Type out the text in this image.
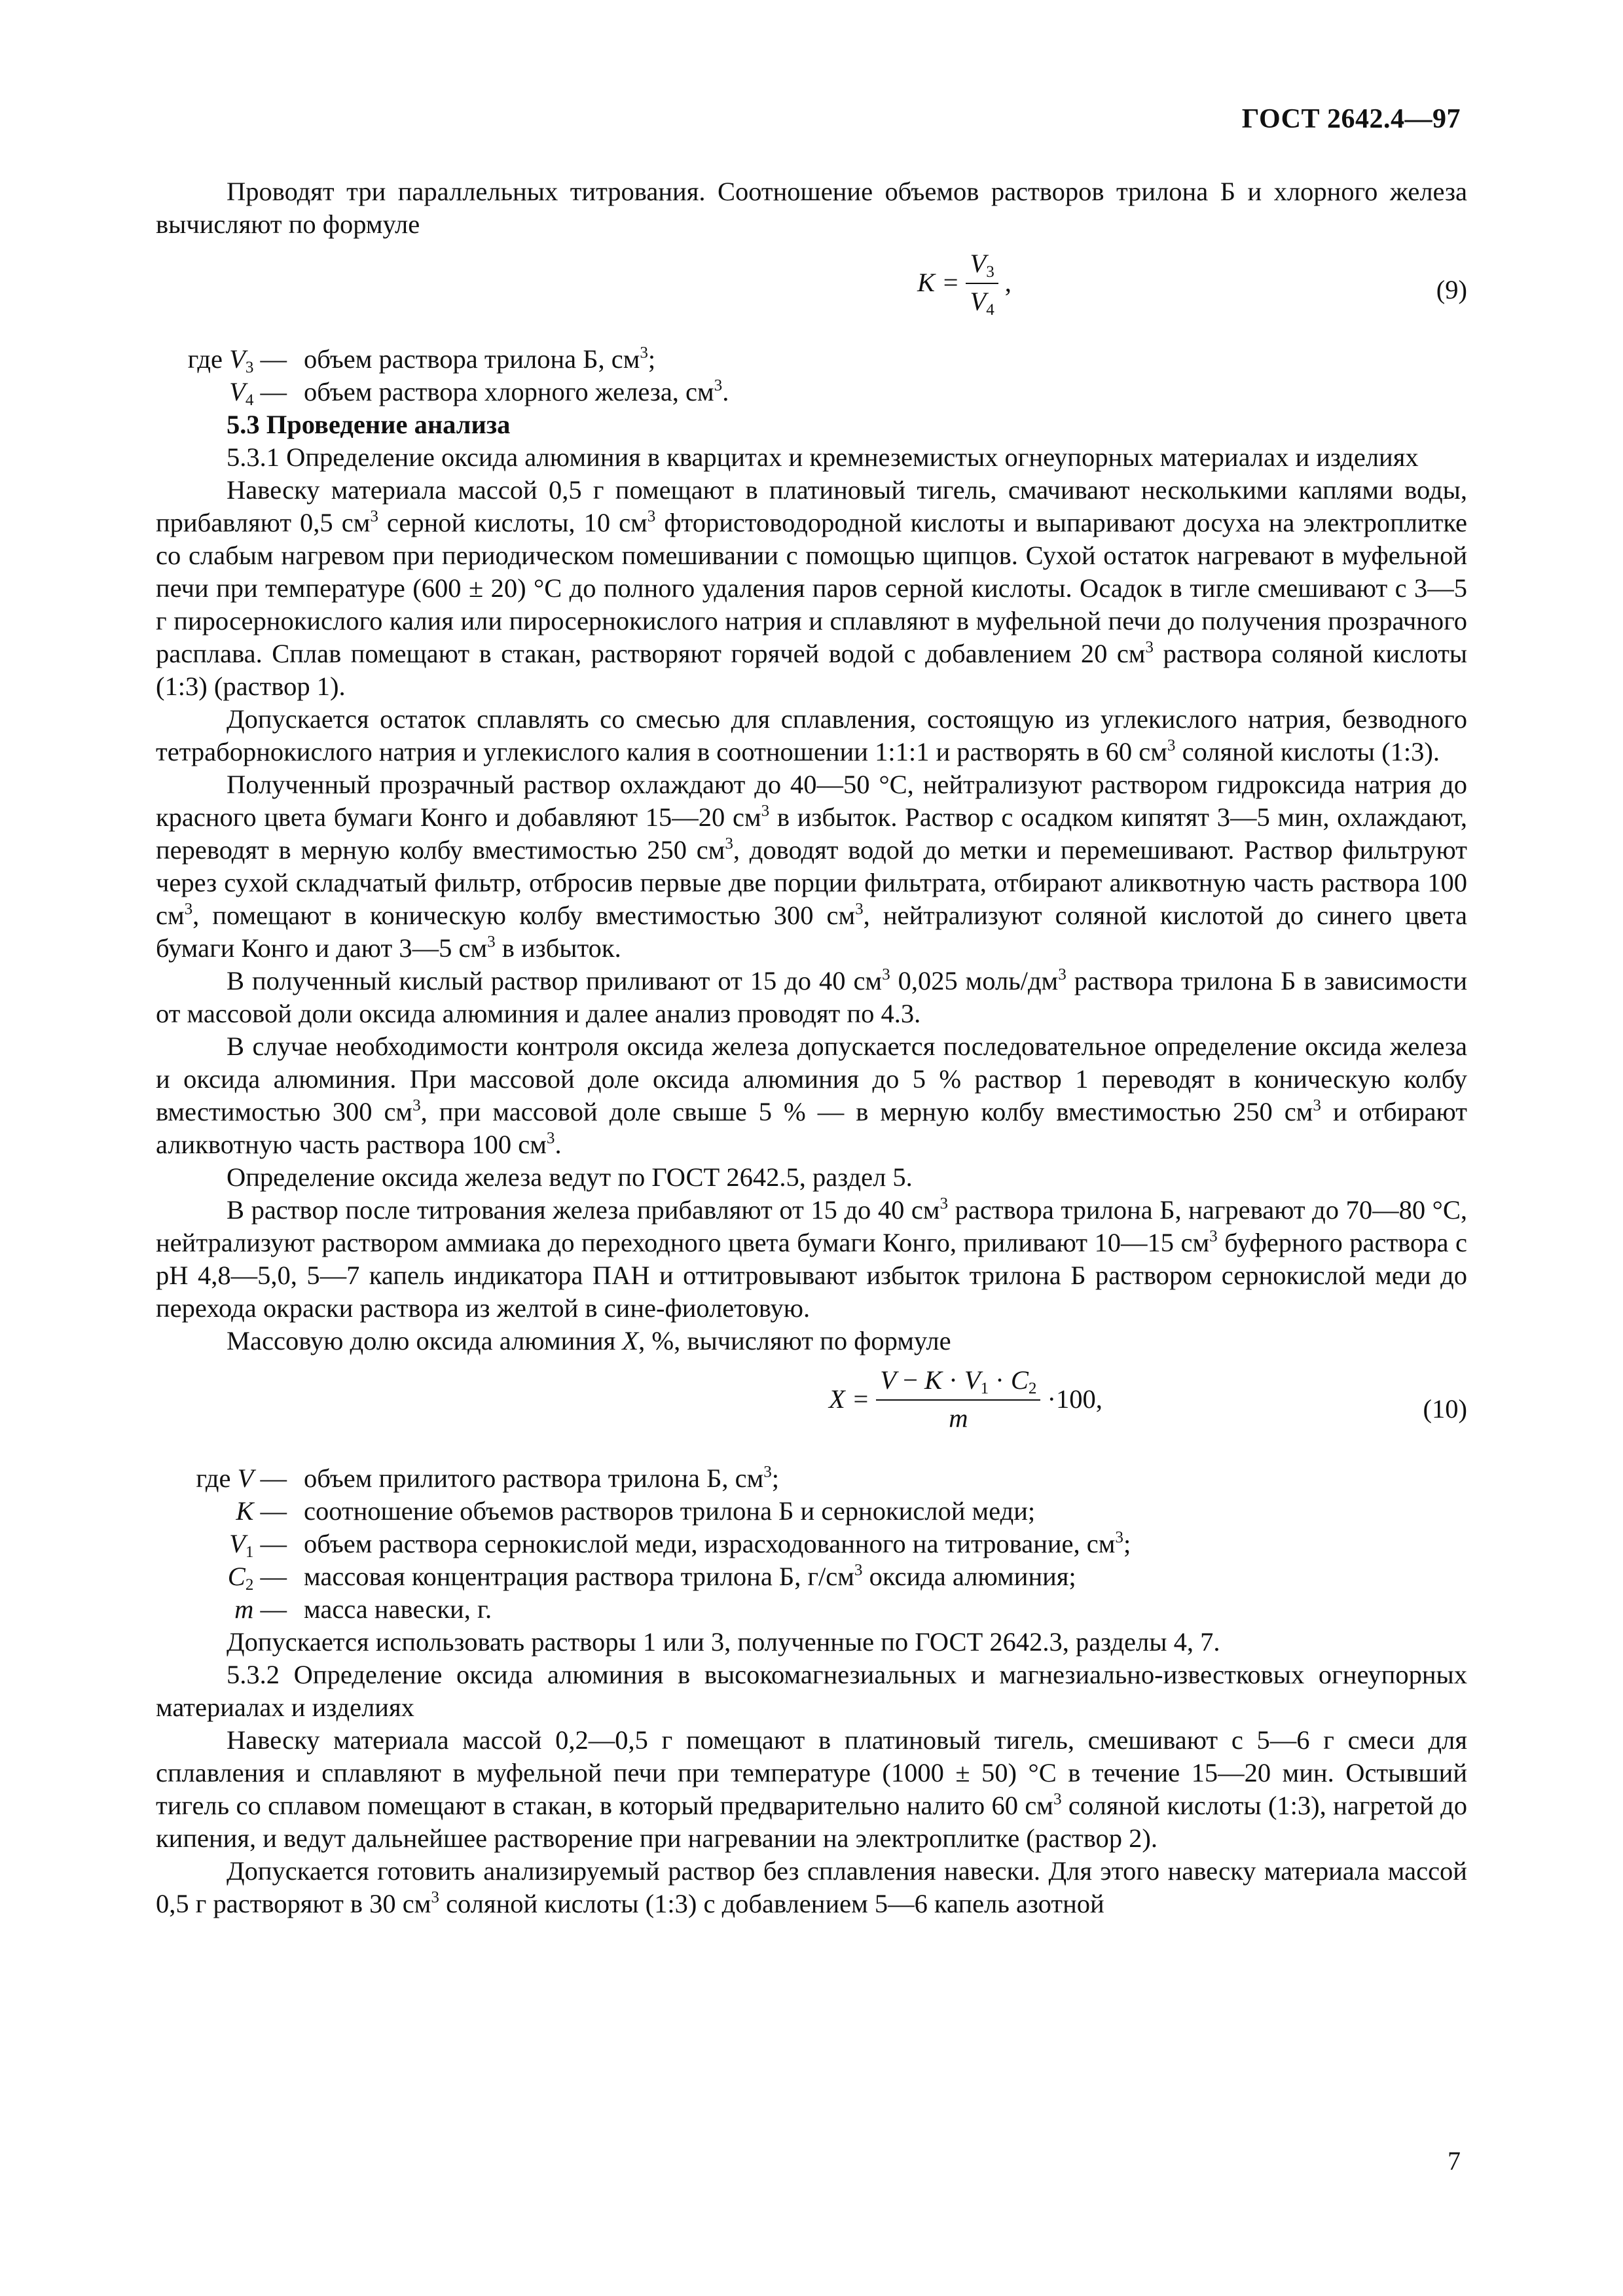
ГОСТ 2642.4—97

Проводят три параллельных титрования. Соотношение объемов растворов трилона Б и хлорного железа вычисляют по формуле

$K = \frac{V_3}{V_4}$ ,	(9)
где $V_3$ — объем раствора трилона Б, $см^3$;
$V_4$ — объем раствора хлорного железа, $см^3$.

5.3 Проведение анализа

5.3.1 Определение оксида алюминия в кварцитах и кремнеземистых огнеупорных материалах и изделиях

Навеску материала массой 0,5 г помещают в платиновый тигель, смачивают несколькими каплями воды, прибавляют 0,5 $см^3$ серной кислоты, 10 $см^3$ фтористоводородной кислоты и выпаривают досуха на электроплитке со слабым нагревом при периодическом помешивании с помощью щипцов. Сухой остаток нагревают в муфельной печи при температуре (600 ± 20) °С до полного удаления паров серной кислоты. Осадок в тигле смешивают с 3—5 г пиросернокислого калия или пиросернокислого натрия и сплавляют в муфельной печи до получения прозрачного расплава. Сплав помещают в стакан, растворяют горячей водой с добавлением 20 $см^3$ раствора соляной кислоты (1:3) (раствор 1).

Допускается остаток сплавлять со смесью для сплавления, состоящую из углекислого натрия, безводного тетраборнокислого натрия и углекислого калия в соотношении 1:1:1 и растворять в 60 $см^3$ соляной кислоты (1:3).

Полученный прозрачный раствор охлаждают до 40—50 °С, нейтрализуют раствором гидроксида натрия до красного цвета бумаги Конго и добавляют 15—20 $см^3$ в избыток. Раствор с осадком кипятят 3—5 мин, охлаждают, переводят в мерную колбу вместимостью 250 $см^3$, доводят водой до метки и перемешивают. Раствор фильтруют через сухой складчатый фильтр, отбросив первые две порции фильтрата, отбирают аликвотную часть раствора 100 $см^3$, помещают в коническую колбу вместимостью 300 $см^3$, нейтрализуют соляной кислотой до синего цвета бумаги Конго и дают 3—5 $см^3$ в избыток.

В полученный кислый раствор приливают от 15 до 40 $см^3$ 0,025 моль/$дм^3$ раствора трилона Б в зависимости от массовой доли оксида алюминия и далее анализ проводят по 4.3.

В случае необходимости контроля оксида железа допускается последовательное определение оксида железа и оксида алюминия. При массовой доле оксида алюминия до 5 % раствор 1 переводят в коническую колбу вместимостью 300 $см^3$, при массовой доле свыше 5 % — в мерную колбу вместимостью 250 $см^3$ и отбирают аликвотную часть раствора 100 $см^3$.

Определение оксида железа ведут по ГОСТ 2642.5, раздел 5.

В раствор после титрования железа прибавляют от 15 до 40 $см^3$ раствора трилона Б, нагревают до 70—80 °С, нейтрализуют раствором аммиака до переходного цвета бумаги Конго, приливают 10—15 $см^3$ буферного раствора с рН 4,8—5,0, 5—7 капель индикатора ПАН и оттитровывают избыток трилона Б раствором сернокислой меди до перехода окраски раствора из желтой в сине-фиолетовую.

Массовую долю оксида алюминия X, %, вычисляют по формуле

$X = \frac{V - K \cdot V_1 \cdot C_2}{m} \cdot 100$,	(10)
где V — объем прилитого раствора трилона Б, $см^3$;
K — соотношение объемов растворов трилона Б и сернокислой меди;
$V_1$ — объем раствора сернокислой меди, израсходованного на титрование, $см^3$;
$C_2$ — массовая концентрация раствора трилона Б, $г/см^3$ оксида алюминия;
m — масса навески, г.

Допускается использовать растворы 1 или 3, полученные по ГОСТ 2642.3, разделы 4, 7.

5.3.2 Определение оксида алюминия в высокомагнезиальных и магнезиально-известковых огнеупорных материалах и изделиях

Навеску материала массой 0,2—0,5 г помещают в платиновый тигель, смешивают с 5—6 г смеси для сплавления и сплавляют в муфельной печи при температуре (1000 ± 50) °С в течение 15—20 мин. Остывший тигель со сплавом помещают в стакан, в который предварительно налито 60 $см^3$ соляной кислоты (1:3), нагретой до кипения, и ведут дальнейшее растворение при нагревании на электроплитке (раствор 2).

Допускается готовить анализируемый раствор без сплавления навески. Для этого навеску материала массой 0,5 г растворяют в 30 $см^3$ соляной кислоты (1:3) с добавлением 5—6 капель азотной

7
